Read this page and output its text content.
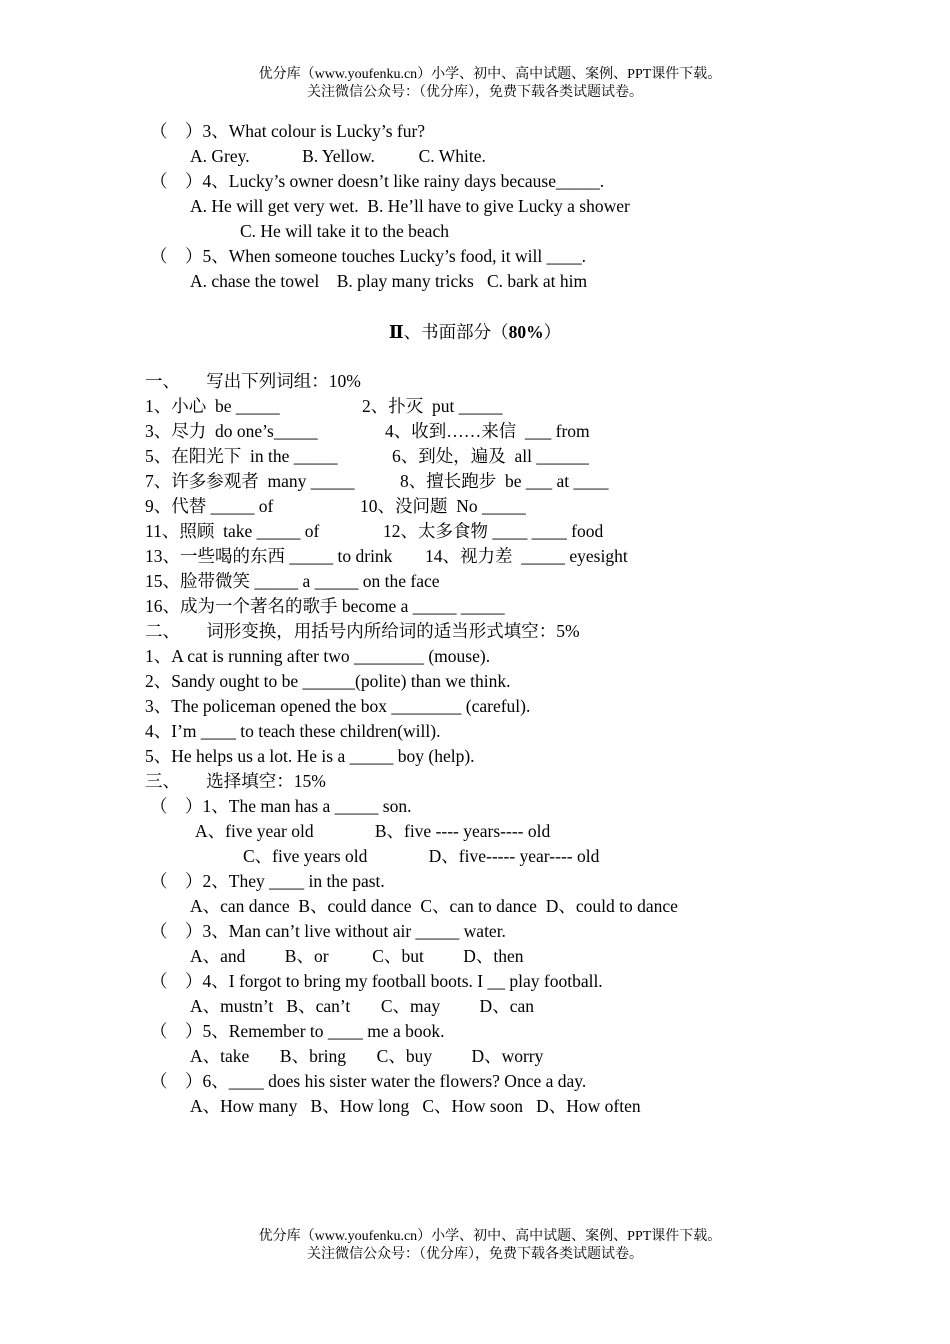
优分库（www.youfenku.cn）小学、初中、高中试题、案例、PPT课件下载。
关注微信公众号：（优分库），免费下载各类试题试卷。
（　）3、What colour is Lucky’s fur?
A. Grey.            B. Yellow.          C. White.
（　）4、Lucky’s owner doesn’t like rainy days because_____.
A. He will get very wet.  B. He’ll have to give Lucky a shower
C. He will take it to the beach
（　）5、When someone touches Lucky’s food, it will ____.
A. chase the towel    B. play many tricks   C. bark at him
Ⅱ、书面部分（80%）
一、　　写出下列词组：10%
1、小心  be _____	2、扑灭  put _____
3、尽力  do one’s_____	4、收到……来信  ___ from
5、在阳光下  in the _____	6、到处，遍及  all ______
7、许多参观者  many _____	8、擅长跑步  be ___ at ____
9、代替 _____ of	10、没问题  No _____
11、照顾  take _____ of	12、太多食物 ____ ____ food
13、一些喝的东西 _____ to drink 14、视力差  _____ eyesight
15、脸带微笑 _____ a _____ on the face
16、成为一个著名的歌手 become a _____ _____
二、　　词形变换，用括号内所给词的适当形式填空：5%
1、A cat is running after two ________ (mouse).
2、Sandy ought to be ______(polite) than we think.
3、The policeman opened the box ________ (careful).
4、I’m ____ to teach these children(will).
5、He helps us a lot. He is a _____ boy (help).
三、　　选择填空：15%
（　）1、The man has a _____ son.
A、five year old              B、five ---- years---- old
C、five years old              D、five----- year---- old
（　）2、They ____ in the past.
A、can dance  B、could dance  C、can to dance  D、could to dance
（　）3、Man can’t live without air _____ water.
A、and         B、or          C、but         D、then
（　）4、I forgot to bring my football boots. I __ play football.
A、mustn’t   B、can’t       C、may         D、can
（　）5、Remember to ____ me a book.
A、take       B、bring       C、buy         D、worry
（　）6、____ does his sister water the flowers? Once a day.
A、How many   B、How long   C、How soon   D、How often
优分库（www.youfenku.cn）小学、初中、高中试题、案例、PPT课件下载。
关注微信公众号：（优分库），免费下载各类试题试卷。
